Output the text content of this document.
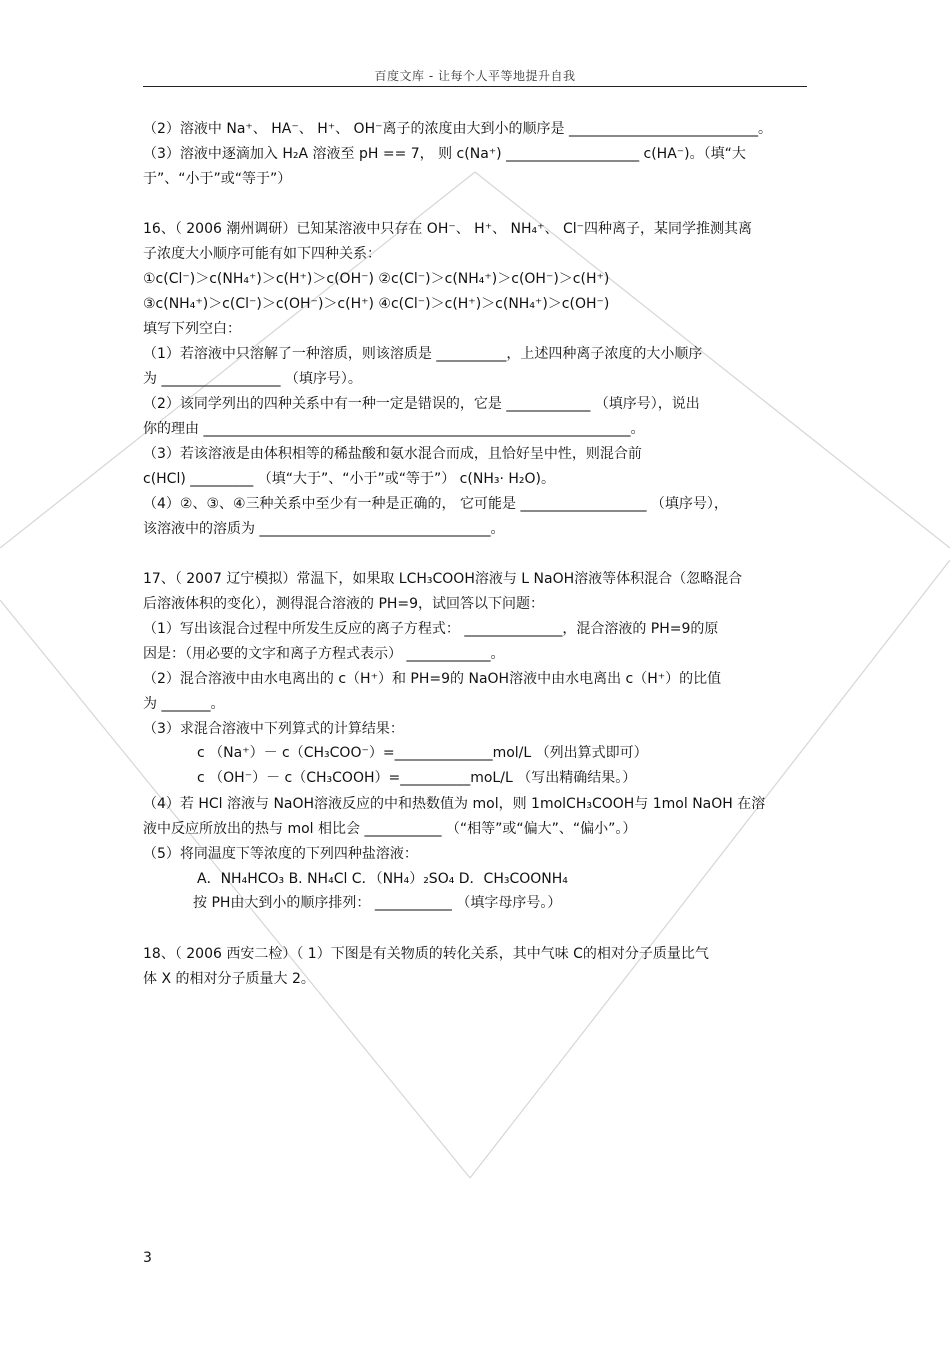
百度文库 - 让每个人平等地提升自我
（2）溶液中 Na⁺、 HA⁻、 H⁺、 OH⁻离子的浓度由大到小的顺序是 ___________________________。
（3）溶液中逐滴加入 H₂A 溶液至 pH == 7， 则 c(Na⁺) ___________________ c(HA⁻)。（填“大
于”、“小于”或“等于”）
16、（ 2006 潮州调研）已知某溶液中只存在 OH⁻、 H⁺、 NH₄⁺、 Cl⁻四种离子，某同学推测其离
子浓度大小顺序可能有如下四种关系：
①c(Cl⁻)＞c(NH₄⁺)＞c(H⁺)＞c(OH⁻) ②c(Cl⁻)＞c(NH₄⁺)＞c(OH⁻)＞c(H⁺)
③c(NH₄⁺)＞c(Cl⁻)＞c(OH⁻)＞c(H⁺) ④c(Cl⁻)＞c(H⁺)＞c(NH₄⁺)＞c(OH⁻)
填写下列空白：
（1）若溶液中只溶解了一种溶质，则该溶质是 __________，上述四种离子浓度的大小顺序
为 _________________ （填序号）。
（2）该同学列出的四种关系中有一种一定是错误的，它是 ____________ （填序号），说出
你的理由 _____________________________________________________________。
（3）若该溶液是由体积相等的稀盐酸和氨水混合而成，且恰好呈中性，则混合前
c(HCl) _________ （填“大于”、“小于”或“等于”） c(NH₃· H₂O)。
（4）②、③、④三种关系中至少有一种是正确的， 它可能是 __________________ （填序号），
该溶液中的溶质为 _________________________________。
17、（ 2007 辽宁模拟）常温下，如果取 LCH₃COOH溶液与 L NaOH溶液等体积混合（忽略混合
后溶液体积的变化），测得混合溶液的 PH=9，试回答以下问题：
（1）写出该混合过程中所发生反应的离子方程式： ______________，混合溶液的 PH=9的原
因是：（用必要的文字和离子方程式表示） ____________。
（2）混合溶液中由水电离出的 c（H⁺）和 PH=9的 NaOH溶液中由水电离出 c（H⁺）的比值
为 _______。
（3）求混合溶液中下列算式的计算结果：
c （Na⁺）－ c（CH₃COO⁻）=______________mol/L （列出算式即可）
c （OH⁻）－ c（CH₃COOH）=__________moL/L （写出精确结果。）
（4）若 HCl 溶液与 NaOH溶液反应的中和热数值为 mol，则 1molCH₃COOH与 1mol NaOH 在溶
液中反应所放出的热与 mol 相比会 ___________ （“相等”或“偏大”、“偏小”。）
（5）将同温度下等浓度的下列四种盐溶液：
A．NH₄HCO₃ B. NH₄Cl C．（NH₄）₂SO₄ D．CH₃COONH₄
按 PH由大到小的顺序排列： ___________ （填字母序号。）
18、（ 2006 西安二检）（ 1）下图是有关物质的转化关系，其中气味 C的相对分子质量比气
体 X 的相对分子质量大 2。
3
